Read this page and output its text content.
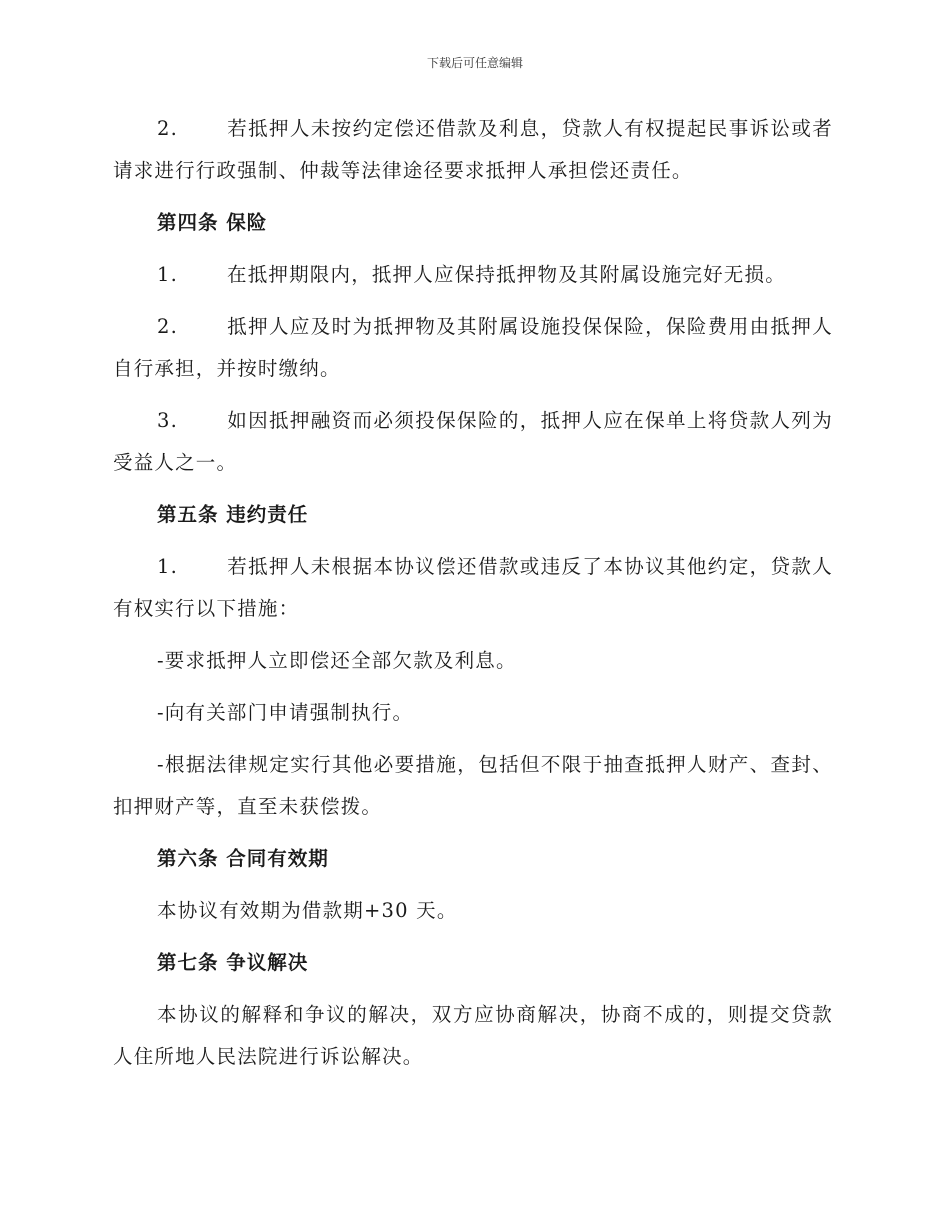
下载后可任意编辑

2.	若抵押人未按约定偿还借款及利息，贷款人有权提起民事诉讼或者请求进行行政强制、仲裁等法律途径要求抵押人承担偿还责任。

第四条 保险

1.	在抵押期限内，抵押人应保持抵押物及其附属设施完好无损。

2.	抵押人应及时为抵押物及其附属设施投保保险，保险费用由抵押人自行承担，并按时缴纳。

3.	如因抵押融资而必须投保保险的，抵押人应在保单上将贷款人列为受益人之一。

第五条 违约责任

1.	若抵押人未根据本协议偿还借款或违反了本协议其他约定，贷款人有权实行以下措施：

-要求抵押人立即偿还全部欠款及利息。

-向有关部门申请强制执行。

-根据法律规定实行其他必要措施，包括但不限于抽查抵押人财产、查封、扣押财产等，直至未获偿拨。

第六条 合同有效期

本协议有效期为借款期+30 天。

第七条 争议解决

本协议的解释和争议的解决，双方应协商解决，协商不成的，则提交贷款人住所地人民法院进行诉讼解决。
